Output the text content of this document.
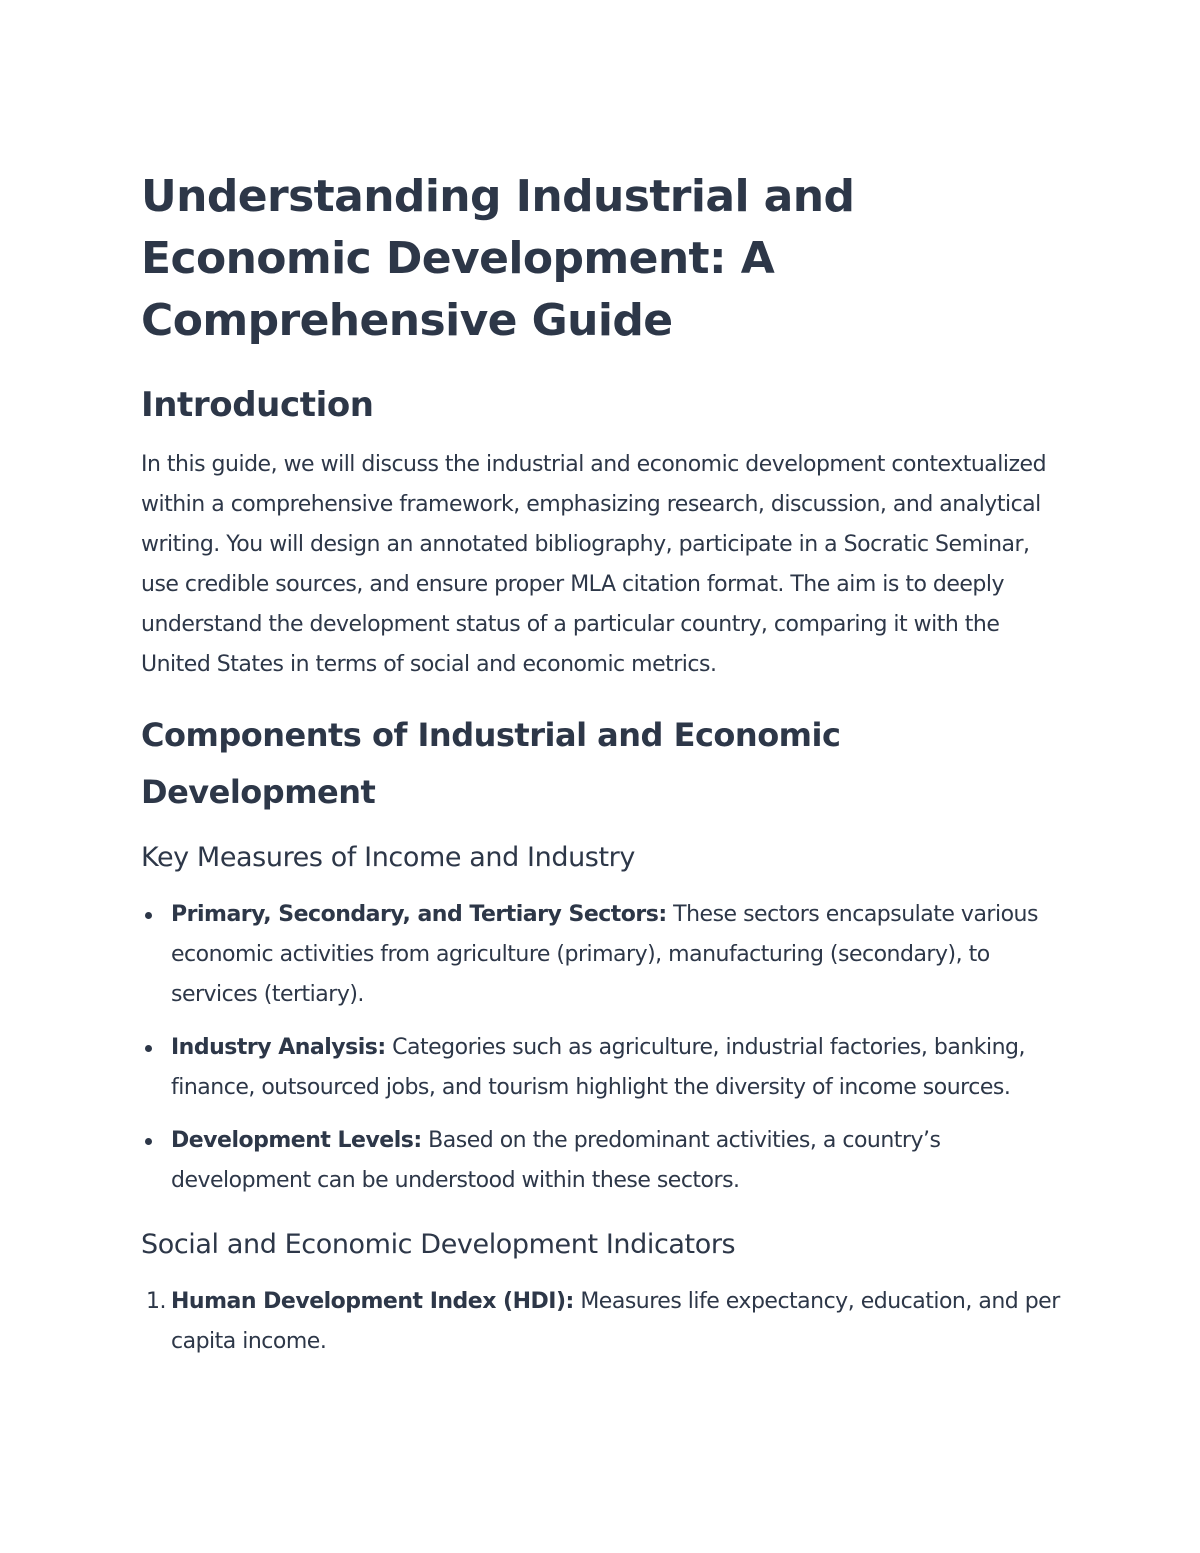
Understanding Industrial and Economic Development: A Comprehensive Guide
Introduction

In this guide, we will discuss the industrial and economic development contextualized within a comprehensive framework, emphasizing research, discussion, and analytical writing. You will design an annotated bibliography, participate in a Socratic Seminar, use credible sources, and ensure proper MLA citation format. The aim is to deeply understand the development status of a particular country, comparing it with the United States in terms of social and economic metrics.

Components of Industrial and Economic Development
Key Measures of Income and Industry
Primary, Secondary, and Tertiary Sectors: These sectors encapsulate various economic activities from agriculture (primary), manufacturing (secondary), to services (tertiary).
Industry Analysis: Categories such as agriculture, industrial factories, banking, finance, outsourced jobs, and tourism highlight the diversity of income sources.
Development Levels: Based on the predominant activities, a country’s development can be understood within these sectors.
Social and Economic Development Indicators
1. Human Development Index (HDI): Measures life expectancy, education, and per capita income.
